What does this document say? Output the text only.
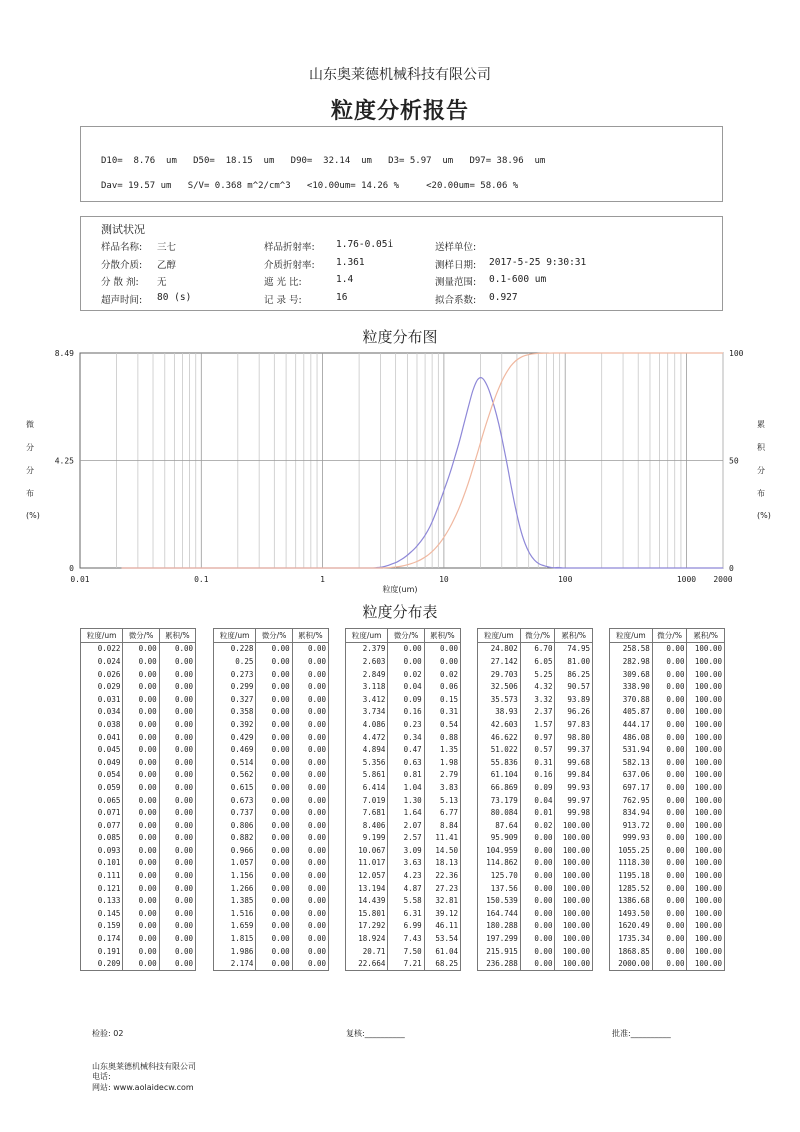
山东奥莱德机械科技有限公司
粒度分析报告
D10=  8.76  um   D50=  18.15  um   D90=  32.14  um   D3= 5.97  um   D97= 38.96  um
Dav= 19.57 um   S/V= 0.368 m^2/cm^3   <10.00um= 14.26 %     <20.00um= 58.06 %
测试状况
样品名称: 三七	样品折射率: 1.76-0.05i	送样单位:
分散介质: 乙醇	介质折射率: 1.361	测样日期: 2017-5-25 9:30:31
分 散 剂: 无	遮 光 比:	1.4	测量范围: 0.1-600 um
超声时间: 80 (s)	记 录 号:	16	拟合系数: 0.927
粒度分布图
0.01	0.1	1	10	100	1000 2000
粒度(um)
0
4.25
8.49
0
50
100
微
分
分
布
(%)
累
积
分
布
(%)
粒度分布表
粒度/um	微分/%	累积/%
0.022	0.00	0.00
0.024	0.00	0.00
0.026	0.00	0.00
0.029	0.00	0.00
0.031	0.00	0.00
0.034	0.00	0.00
0.038	0.00	0.00
0.041	0.00	0.00
0.045	0.00	0.00
0.049	0.00	0.00
0.054	0.00	0.00
0.059	0.00	0.00
0.065	0.00	0.00
0.071	0.00	0.00
0.077	0.00	0.00
0.085	0.00	0.00
0.093	0.00	0.00
0.101	0.00	0.00
0.111	0.00	0.00
0.121	0.00	0.00
0.133	0.00	0.00
0.145	0.00	0.00
0.159	0.00	0.00
0.174	0.00	0.00
0.191	0.00	0.00
0.209	0.00	0.00
粒度/um	微分/%	累积/%
0.228	0.00	0.00
0.25	0.00	0.00
0.273	0.00	0.00
0.299	0.00	0.00
0.327	0.00	0.00
0.358	0.00	0.00
0.392	0.00	0.00
0.429	0.00	0.00
0.469	0.00	0.00
0.514	0.00	0.00
0.562	0.00	0.00
0.615	0.00	0.00
0.673	0.00	0.00
0.737	0.00	0.00
0.806	0.00	0.00
0.882	0.00	0.00
0.966	0.00	0.00
1.057	0.00	0.00
1.156	0.00	0.00
1.266	0.00	0.00
1.385	0.00	0.00
1.516	0.00	0.00
1.659	0.00	0.00
1.815	0.00	0.00
1.986	0.00	0.00
2.174	0.00	0.00
粒度/um	微分/%	累积/%
2.379	0.00	0.00
2.603	0.00	0.00
2.849	0.02	0.02
3.118	0.04	0.06
3.412	0.09	0.15
3.734	0.16	0.31
4.086	0.23	0.54
4.472	0.34	0.88
4.894	0.47	1.35
5.356	0.63	1.98
5.861	0.81	2.79
6.414	1.04	3.83
7.019	1.30	5.13
7.681	1.64	6.77
8.406	2.07	8.84
9.199	2.57	11.41
10.067	3.09	14.50
11.017	3.63	18.13
12.057	4.23	22.36
13.194	4.87	27.23
14.439	5.58	32.81
15.801	6.31	39.12
17.292	6.99	46.11
18.924	7.43	53.54
20.71	7.50	61.04
22.664	7.21	68.25
粒度/um	微分/%	累积/%
24.802	6.70	74.95
27.142	6.05	81.00
29.703	5.25	86.25
32.506	4.32	90.57
35.573	3.32	93.89
38.93	2.37	96.26
42.603	1.57	97.83
46.622	0.97	98.80
51.022	0.57	99.37
55.836	0.31	99.68
61.104	0.16	99.84
66.869	0.09	99.93
73.179	0.04	99.97
80.084	0.01	99.98
87.64	0.02	100.00
95.909	0.00	100.00
104.959	0.00	100.00
114.862	0.00	100.00
125.70	0.00	100.00
137.56	0.00	100.00
150.539	0.00	100.00
164.744	0.00	100.00
180.288	0.00	100.00
197.299	0.00	100.00
215.915	0.00	100.00
236.288	0.00	100.00
粒度/um	微分/%	累积/%
258.58	0.00	100.00
282.98	0.00	100.00
309.68	0.00	100.00
338.90	0.00	100.00
370.88	0.00	100.00
405.87	0.00	100.00
444.17	0.00	100.00
486.08	0.00	100.00
531.94	0.00	100.00
582.13	0.00	100.00
637.06	0.00	100.00
697.17	0.00	100.00
762.95	0.00	100.00
834.94	0.00	100.00
913.72	0.00	100.00
999.93	0.00	100.00
1055.25	0.00	100.00
1118.30	0.00	100.00
1195.18	0.00	100.00
1285.52	0.00	100.00
1386.68	0.00	100.00
1493.50	0.00	100.00
1620.49	0.00	100.00
1735.34	0.00	100.00
1868.85	0.00	100.00
2000.00	0.00	100.00
检验: 02	复核:__________	批准:__________
山东奥莱德机械科技有限公司
电话:
网站: www.aolaidecw.com
